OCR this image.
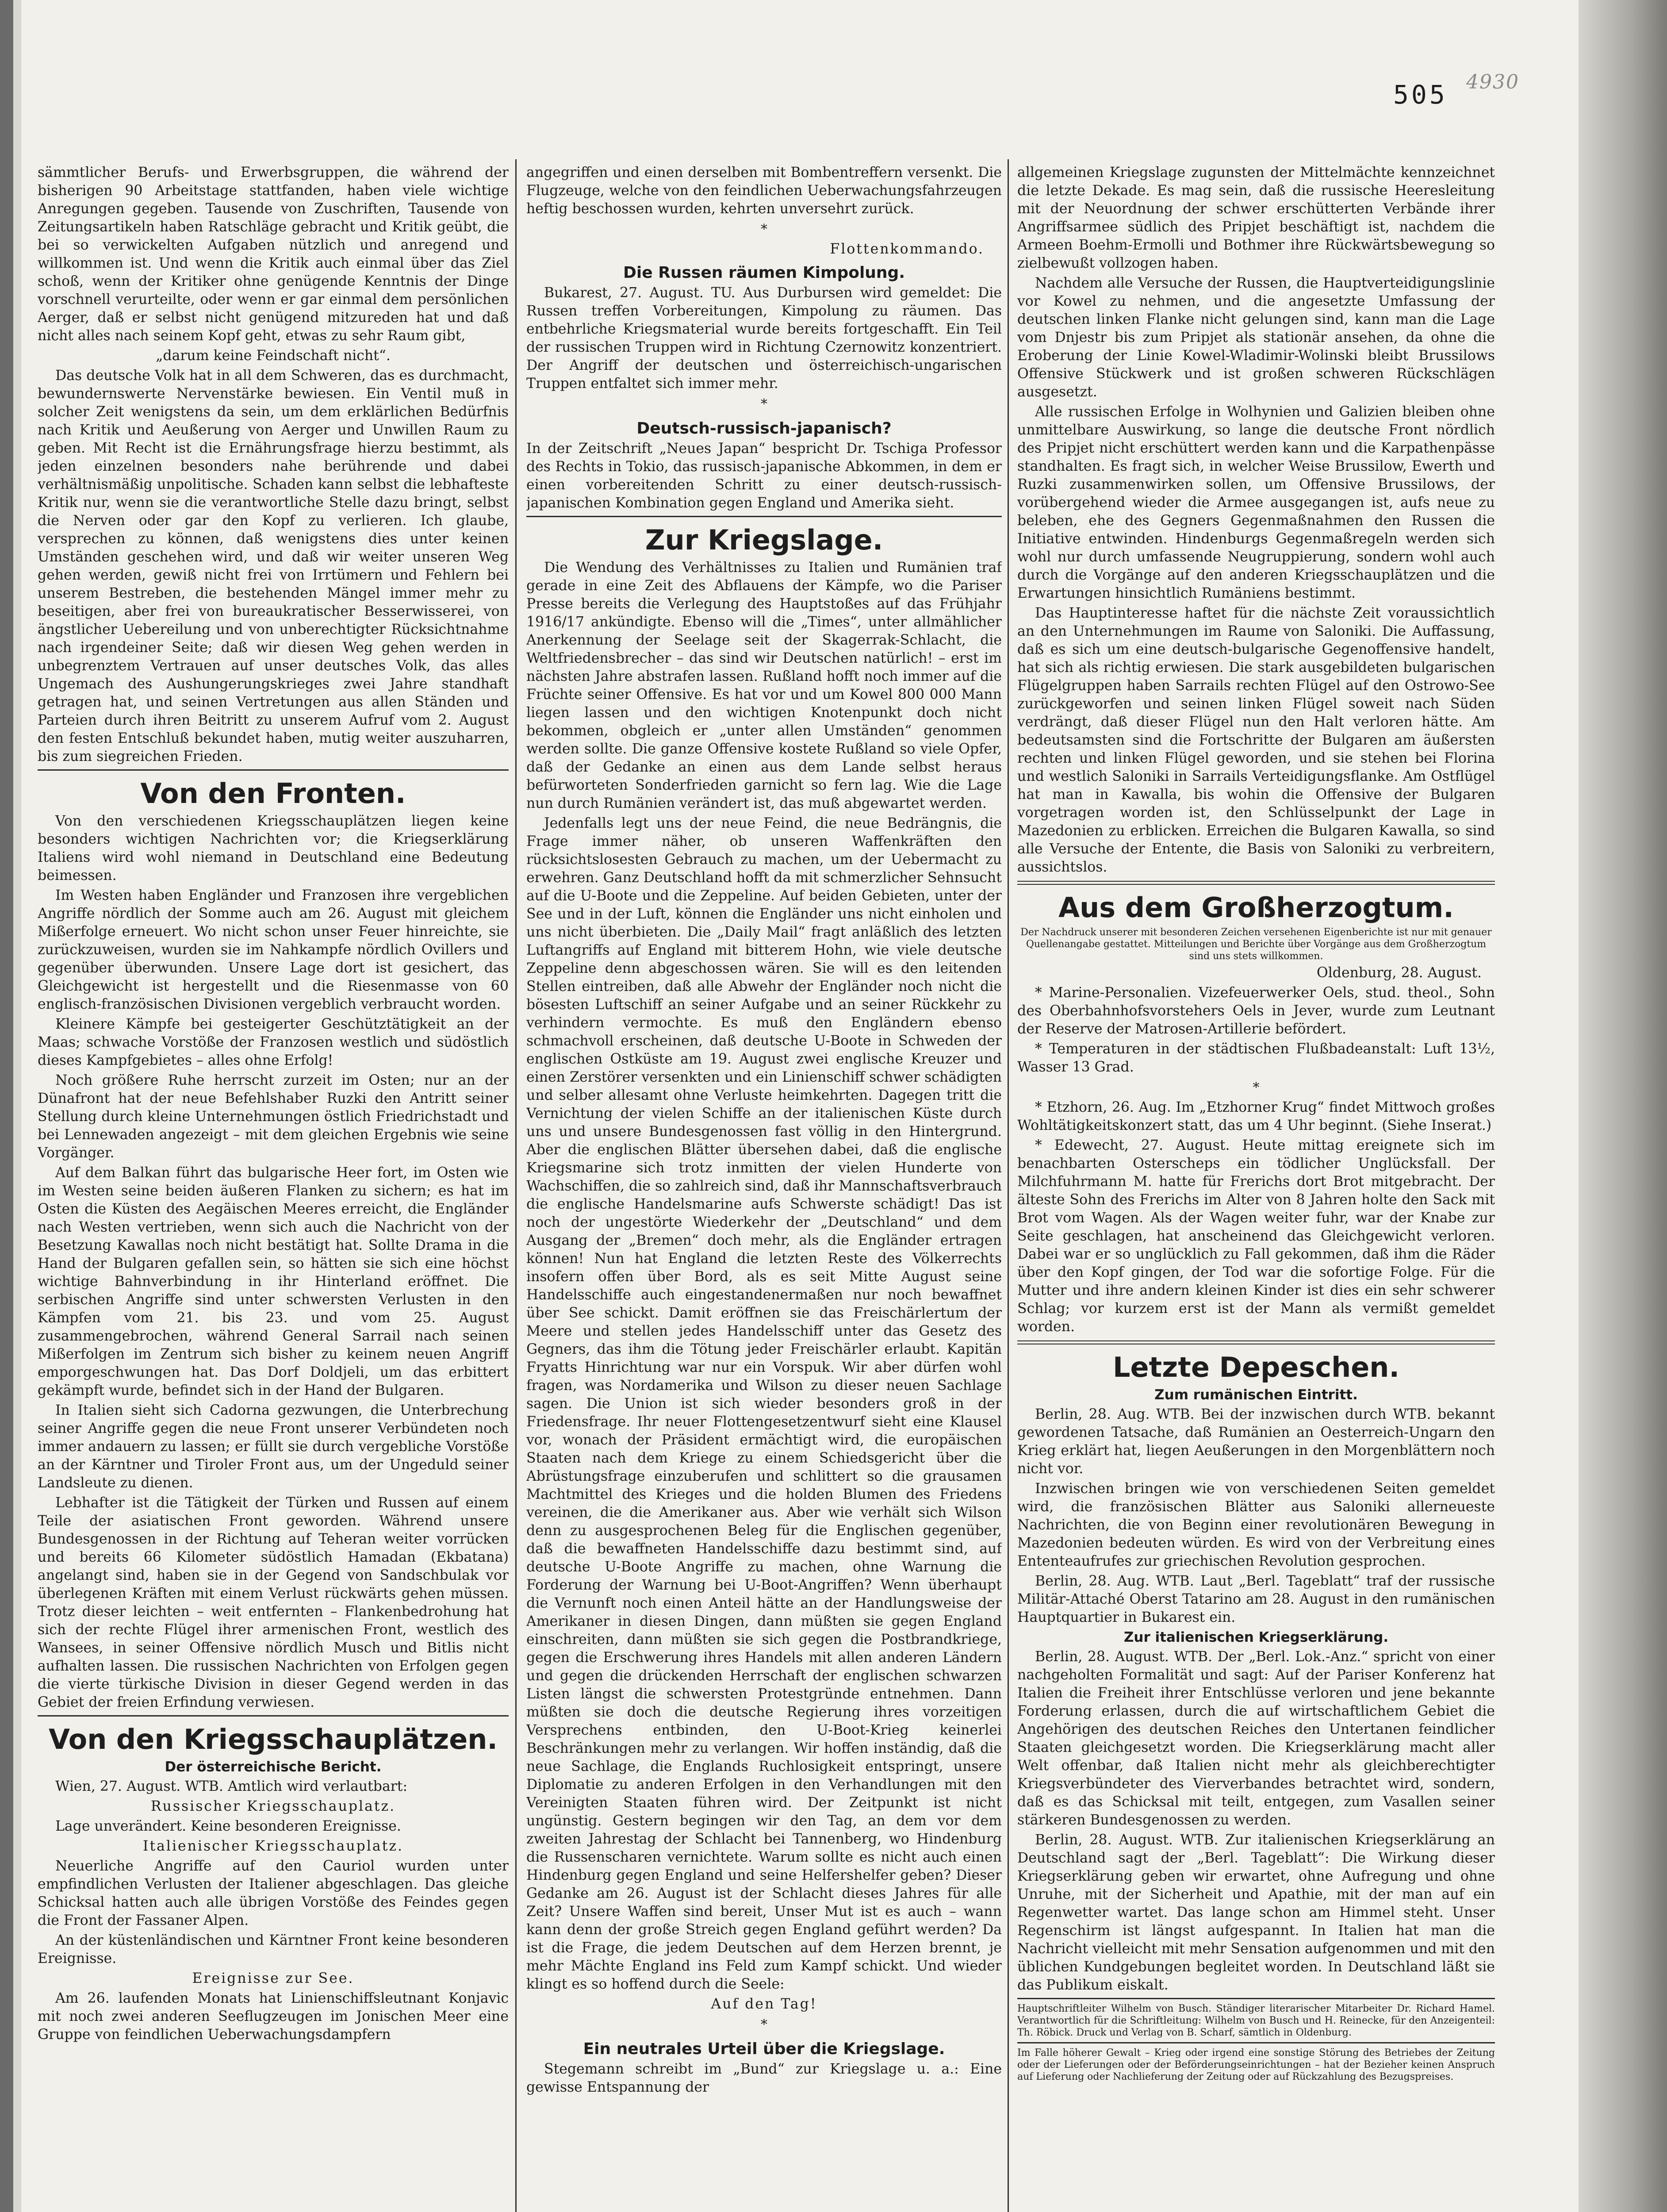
505 4930

sämmtlicher Berufs- und Erwerbsgruppen, die während der bisherigen 90 Arbeitstage stattfanden, haben viele wichtige Anregungen gegeben. Tausende von Zuschriften, Tausende von Zeitungsartikeln haben Ratschläge gebracht und Kritik geübt, die bei so verwickelten Aufgaben nützlich und anregend und willkommen ist. Und wenn die Kritik auch einmal über das Ziel schoß, wenn der Kritiker ohne genügende Kenntnis der Dinge vorschnell verurteilte, oder wenn er gar einmal dem persönlichen Aerger, daß er selbst nicht genügend mitzureden hat und daß nicht alles nach seinem Kopf geht, etwas zu sehr Raum gibt,

„darum keine Feindschaft nicht“.

Das deutsche Volk hat in all dem Schweren, das es durchmacht, bewundernswerte Nervenstärke bewiesen. Ein Ventil muß in solcher Zeit wenigstens da sein, um dem erklärlichen Bedürfnis nach Kritik und Aeußerung von Aerger und Unwillen Raum zu geben. Mit Recht ist die Ernährungsfrage hierzu bestimmt, als jeden einzelnen besonders nahe berührende und dabei verhältnismäßig unpolitische. Schaden kann selbst die lebhafteste Kritik nur, wenn sie die verantwortliche Stelle dazu bringt, selbst die Nerven oder gar den Kopf zu verlieren. Ich glaube, versprechen zu können, daß wenigstens dies unter keinen Umständen geschehen wird, und daß wir weiter unseren Weg gehen werden, gewiß nicht frei von Irrtümern und Fehlern bei unserem Bestreben, die bestehenden Mängel immer mehr zu beseitigen, aber frei von bureaukratischer Besserwisserei, von ängstlicher Uebereilung und von unberechtigter Rücksichtnahme nach irgendeiner Seite; daß wir diesen Weg gehen werden in unbegrenztem Vertrauen auf unser deutsches Volk, das alles Ungemach des Aushungerungskrieges zwei Jahre standhaft getragen hat, und seinen Vertretungen aus allen Ständen und Parteien durch ihren Beitritt zu unserem Aufruf vom 2. August den festen Entschluß bekundet haben, mutig weiter auszuharren, bis zum siegreichen Frieden.

Von den Fronten.

Von den verschiedenen Kriegsschauplätzen liegen keine besonders wichtigen Nachrichten vor; die Kriegserklärung Italiens wird wohl niemand in Deutschland eine Bedeutung beimessen.

Im Westen haben Engländer und Franzosen ihre vergeblichen Angriffe nördlich der Somme auch am 26. August mit gleichem Mißerfolge erneuert. Wo nicht schon unser Feuer hinreichte, sie zurückzuweisen, wurden sie im Nahkampfe nördlich Ovillers und gegenüber überwunden. Unsere Lage dort ist gesichert, das Gleichgewicht ist hergestellt und die Riesenmasse von 60 englisch-französischen Divisionen vergeblich verbraucht worden.

Kleinere Kämpfe bei gesteigerter Geschütztätigkeit an der Maas; schwache Vorstöße der Franzosen westlich und südöstlich dieses Kampfgebietes – alles ohne Erfolg!

Noch größere Ruhe herrscht zurzeit im Osten; nur an der Dünafront hat der neue Befehlshaber Ruzki den Antritt seiner Stellung durch kleine Unternehmungen östlich Friedrichstadt und bei Lennewaden angezeigt – mit dem gleichen Ergebnis wie seine Vorgänger.

Auf dem Balkan führt das bulgarische Heer fort, im Osten wie im Westen seine beiden äußeren Flanken zu sichern; es hat im Osten die Küsten des Aegäischen Meeres erreicht, die Engländer nach Westen vertrieben, wenn sich auch die Nachricht von der Besetzung Kawallas noch nicht bestätigt hat. Sollte Drama in die Hand der Bulgaren gefallen sein, so hätten sie sich eine höchst wichtige Bahnverbindung in ihr Hinterland eröffnet. Die serbischen Angriffe sind unter schwersten Verlusten in den Kämpfen vom 21. bis 23. und vom 25. August zusammengebrochen, während General Sarrail nach seinen Mißerfolgen im Zentrum sich bisher zu keinem neuen Angriff emporgeschwungen hat. Das Dorf Doldjeli, um das erbittert gekämpft wurde, befindet sich in der Hand der Bulgaren.

In Italien sieht sich Cadorna gezwungen, die Unterbrechung seiner Angriffe gegen die neue Front unserer Verbündeten noch immer andauern zu lassen; er füllt sie durch vergebliche Vorstöße an der Kärntner und Tiroler Front aus, um der Ungeduld seiner Landsleute zu dienen.

Lebhafter ist die Tätigkeit der Türken und Russen auf einem Teile der asiatischen Front geworden. Während unsere Bundesgenossen in der Richtung auf Teheran weiter vorrücken und bereits 66 Kilometer südöstlich Hamadan (Ekbatana) angelangt sind, haben sie in der Gegend von Sandschbulak vor überlegenen Kräften mit einem Verlust rückwärts gehen müssen. Trotz dieser leichten – weit entfernten – Flankenbedrohung hat sich der rechte Flügel ihrer armenischen Front, westlich des Wansees, in seiner Offensive nördlich Musch und Bitlis nicht aufhalten lassen. Die russischen Nachrichten von Erfolgen gegen die vierte türkische Division in dieser Gegend werden in das Gebiet der freien Erfindung verwiesen.

Von den Kriegsschauplätzen.
Der österreichische Bericht.

Wien, 27. August. WTB. Amtlich wird verlautbart:

Russischer Kriegsschauplatz.

Lage unverändert. Keine besonderen Ereignisse.

Italienischer Kriegsschauplatz.

Neuerliche Angriffe auf den Cauriol wurden unter empfindlichen Verlusten der Italiener abgeschlagen. Das gleiche Schicksal hatten auch alle übrigen Vorstöße des Feindes gegen die Front der Fassaner Alpen.

An der küstenländischen und Kärntner Front keine besonderen Ereignisse.

Ereignisse zur See.

Am 26. laufenden Monats hat Linienschiffsleutnant Konjavic mit noch zwei anderen Seeflugzeugen im Jonischen Meer eine Gruppe von feindlichen Ueberwachungsdampfern

angegriffen und einen derselben mit Bombentreffern versenkt. Die Flugzeuge, welche von den feindlichen Ueberwachungsfahrzeugen heftig beschossen wurden, kehrten unversehrt zurück.

*

Flottenkommando.

Die Russen räumen Kimpolung.

Bukarest, 27. August. TU. Aus Durbursen wird gemeldet: Die Russen treffen Vorbereitungen, Kimpolung zu räumen. Das entbehrliche Kriegsmaterial wurde bereits fortgeschafft. Ein Teil der russischen Truppen wird in Richtung Czernowitz konzentriert. Der Angriff der deutschen und österreichisch-ungarischen Truppen entfaltet sich immer mehr.

*
Deutsch-russisch-japanisch?

In der Zeitschrift „Neues Japan“ bespricht Dr. Tschiga Professor des Rechts in Tokio, das russisch-japanische Abkommen, in dem er einen vorbereitenden Schritt zu einer deutsch-russisch-japanischen Kombination gegen England und Amerika sieht.

Zur Kriegslage.

Die Wendung des Verhältnisses zu Italien und Rumänien traf gerade in eine Zeit des Abflauens der Kämpfe, wo die Pariser Presse bereits die Verlegung des Hauptstoßes auf das Frühjahr 1916/17 ankündigte. Ebenso will die „Times“, unter allmählicher Anerkennung der Seelage seit der Skagerrak-Schlacht, die Weltfriedensbrecher – das sind wir Deutschen natürlich! – erst im nächsten Jahre abstrafen lassen. Rußland hofft noch immer auf die Früchte seiner Offensive. Es hat vor und um Kowel 800 000 Mann liegen lassen und den wichtigen Knotenpunkt doch nicht bekommen, obgleich er „unter allen Umständen“ genommen werden sollte. Die ganze Offensive kostete Rußland so viele Opfer, daß der Gedanke an einen aus dem Lande selbst heraus befürworteten Sonderfrieden garnicht so fern lag. Wie die Lage nun durch Rumänien verändert ist, das muß abgewartet werden.

Jedenfalls legt uns der neue Feind, die neue Bedrängnis, die Frage immer näher, ob unseren Waffenkräften den rücksichtslosesten Gebrauch zu machen, um der Uebermacht zu erwehren. Ganz Deutschland hofft da mit schmerzlicher Sehnsucht auf die U-Boote und die Zeppeline. Auf beiden Gebieten, unter der See und in der Luft, können die Engländer uns nicht einholen und uns nicht überbieten. Die „Daily Mail“ fragt anläßlich des letzten Luftangriffs auf England mit bitterem Hohn, wie viele deutsche Zeppeline denn abgeschossen wären. Sie will es den leitenden Stellen eintreiben, daß alle Abwehr der Engländer noch nicht die bösesten Luftschiff an seiner Aufgabe und an seiner Rückkehr zu verhindern vermochte. Es muß den Engländern ebenso schmachvoll erscheinen, daß deutsche U-Boote in Schweden der englischen Ostküste am 19. August zwei englische Kreuzer und einen Zerstörer versenkten und ein Linienschiff schwer schädigten und selber allesamt ohne Verluste heimkehrten. Dagegen tritt die Vernichtung der vielen Schiffe an der italienischen Küste durch uns und unsere Bundesgenossen fast völlig in den Hintergrund. Aber die englischen Blätter übersehen dabei, daß die englische Kriegsmarine sich trotz inmitten der vielen Hunderte von Wachschiffen, die so zahlreich sind, daß ihr Mannschaftsverbrauch die englische Handelsmarine aufs Schwerste schädigt! Das ist noch der ungestörte Wiederkehr der „Deutschland“ und dem Ausgang der „Bremen“ doch mehr, als die Engländer ertragen können! Nun hat England die letzten Reste des Völkerrechts insofern offen über Bord, als es seit Mitte August seine Handelsschiffe auch eingestandenermaßen nur noch bewaffnet über See schickt. Damit eröffnen sie das Freischärlertum der Meere und stellen jedes Handelsschiff unter das Gesetz des Gegners, das ihm die Tötung jeder Freischärler erlaubt. Kapitän Fryatts Hinrichtung war nur ein Vorspuk. Wir aber dürfen wohl fragen, was Nordamerika und Wilson zu dieser neuen Sachlage sagen. Die Union ist sich wieder besonders groß in der Friedensfrage. Ihr neuer Flottengesetzentwurf sieht eine Klausel vor, wonach der Präsident ermächtigt wird, die europäischen Staaten nach dem Kriege zu einem Schiedsgericht über die Abrüstungsfrage einzuberufen und schlittert so die grausamen Machtmittel des Krieges und die holden Blumen des Friedens vereinen, die die Amerikaner aus. Aber wie verhält sich Wilson denn zu ausgesprochenen Beleg für die Englischen gegenüber, daß die bewaffneten Handelsschiffe dazu bestimmt sind, auf deutsche U-Boote Angriffe zu machen, ohne Warnung die Forderung der Warnung bei U-Boot-Angriffen? Wenn überhaupt die Vernunft noch einen Anteil hätte an der Handlungsweise der Amerikaner in diesen Dingen, dann müßten sie gegen England einschreiten, dann müßten sie sich gegen die Postbrandkriege, gegen die Erschwerung ihres Handels mit allen anderen Ländern und gegen die drückenden Herrschaft der englischen schwarzen Listen längst die schwersten Protestgründe entnehmen. Dann müßten sie doch die deutsche Regierung ihres vorzeitigen Versprechens entbinden, den U-Boot-Krieg keinerlei Beschränkungen mehr zu verlangen. Wir hoffen inständig, daß die neue Sachlage, die Englands Ruchlosigkeit entspringt, unsere Diplomatie zu anderen Erfolgen in den Verhandlungen mit den Vereinigten Staaten führen wird. Der Zeitpunkt ist nicht ungünstig. Gestern begingen wir den Tag, an dem vor dem zweiten Jahrestag der Schlacht bei Tannenberg, wo Hindenburg die Russenscharen vernichtete. Warum sollte es nicht auch einen Hindenburg gegen England und seine Helfershelfer geben? Dieser Gedanke am 26. August ist der Schlacht dieses Jahres für alle Zeit? Unsere Waffen sind bereit, Unser Mut ist es auch – wann kann denn der große Streich gegen England geführt werden? Da ist die Frage, die jedem Deutschen auf dem Herzen brennt, je mehr Mächte England ins Feld zum Kampf schickt. Und wieder klingt es so hoffend durch die Seele:

Auf den Tag!

*
Ein neutrales Urteil über die Kriegslage.

Stegemann schreibt im „Bund“ zur Kriegslage u. a.: Eine gewisse Entspannung der

allgemeinen Kriegslage zugunsten der Mittelmächte kennzeichnet die letzte Dekade. Es mag sein, daß die russische Heeresleitung mit der Neuordnung der schwer erschütterten Verbände ihrer Angriffsarmee südlich des Pripjet beschäftigt ist, nachdem die Armeen Boehm-Ermolli und Bothmer ihre Rückwärtsbewegung so zielbewußt vollzogen haben.

Nachdem alle Versuche der Russen, die Hauptverteidigungslinie vor Kowel zu nehmen, und die angesetzte Umfassung der deutschen linken Flanke nicht gelungen sind, kann man die Lage vom Dnjestr bis zum Pripjet als stationär ansehen, da ohne die Eroberung der Linie Kowel-Wladimir-Wolinski bleibt Brussilows Offensive Stückwerk und ist großen schweren Rückschlägen ausgesetzt.

Alle russischen Erfolge in Wolhynien und Galizien bleiben ohne unmittelbare Auswirkung, so lange die deutsche Front nördlich des Pripjet nicht erschüttert werden kann und die Karpathenpässe standhalten. Es fragt sich, in welcher Weise Brussilow, Ewerth und Ruzki zusammenwirken sollen, um Offensive Brussilows, der vorübergehend wieder die Armee ausgegangen ist, aufs neue zu beleben, ehe des Gegners Gegenmaßnahmen den Russen die Initiative entwinden. Hindenburgs Gegenmaßregeln werden sich wohl nur durch umfassende Neugruppierung, sondern wohl auch durch die Vorgänge auf den anderen Kriegsschauplätzen und die Erwartungen hinsichtlich Rumäniens bestimmt.

Das Hauptinteresse haftet für die nächste Zeit voraussichtlich an den Unternehmungen im Raume von Saloniki. Die Auffassung, daß es sich um eine deutsch-bulgarische Gegenoffensive handelt, hat sich als richtig erwiesen. Die stark ausgebildeten bulgarischen Flügelgruppen haben Sarrails rechten Flügel auf den Ostrowo-See zurückgeworfen und seinen linken Flügel soweit nach Süden verdrängt, daß dieser Flügel nun den Halt verloren hätte. Am bedeutsamsten sind die Fortschritte der Bulgaren am äußersten rechten und linken Flügel geworden, und sie stehen bei Florina und westlich Saloniki in Sarrails Verteidigungsflanke. Am Ostflügel hat man in Kawalla, bis wohin die Offensive der Bulgaren vorgetragen worden ist, den Schlüsselpunkt der Lage in Mazedonien zu erblicken. Erreichen die Bulgaren Kawalla, so sind alle Versuche der Entente, die Basis von Saloniki zu verbreitern, aussichtslos.

Aus dem Großherzogtum.

Der Nachdruck unserer mit besonderen Zeichen versehenen Eigenberichte ist nur mit genauer Quellenangabe gestattet. Mitteilungen und Berichte über Vorgänge aus dem Großherzogtum sind uns stets willkommen.

Oldenburg, 28. August.

* Marine-Personalien. Vizefeuerwerker Oels, stud. theol., Sohn des Oberbahnhofsvorstehers Oels in Jever, wurde zum Leutnant der Reserve der Matrosen-Artillerie befördert.

* Temperaturen in der städtischen Flußbadeanstalt: Luft 13½, Wasser 13 Grad.

*

* Etzhorn, 26. Aug. Im „Etzhorner Krug“ findet Mittwoch großes Wohltätigkeitskonzert statt, das um 4 Uhr beginnt. (Siehe Inserat.)

* Edewecht, 27. August. Heute mittag ereignete sich im benachbarten Osterscheps ein tödlicher Unglücksfall. Der Milchfuhrmann M. hatte für Frerichs dort Brot mitgebracht. Der älteste Sohn des Frerichs im Alter von 8 Jahren holte den Sack mit Brot vom Wagen. Als der Wagen weiter fuhr, war der Knabe zur Seite geschlagen, hat anscheinend das Gleichgewicht verloren. Dabei war er so unglücklich zu Fall gekommen, daß ihm die Räder über den Kopf gingen, der Tod war die sofortige Folge. Für die Mutter und ihre andern kleinen Kinder ist dies ein sehr schwerer Schlag; vor kurzem erst ist der Mann als vermißt gemeldet worden.

Letzte Depeschen.
Zum rumänischen Eintritt.

Berlin, 28. Aug. WTB. Bei der inzwischen durch WTB. bekannt gewordenen Tatsache, daß Rumänien an Oesterreich-Ungarn den Krieg erklärt hat, liegen Aeußerungen in den Morgenblättern noch nicht vor.

Inzwischen bringen wie von verschiedenen Seiten gemeldet wird, die französischen Blätter aus Saloniki allerneueste Nachrichten, die von Beginn einer revolutionären Bewegung in Mazedonien bedeuten würden. Es wird von der Verbreitung eines Ententeaufrufes zur griechischen Revolution gesprochen.

Berlin, 28. Aug. WTB. Laut „Berl. Tageblatt“ traf der russische Militär-Attaché Oberst Tatarino am 28. August in den rumänischen Hauptquartier in Bukarest ein.

Zur italienischen Kriegserklärung.

Berlin, 28. August. WTB. Der „Berl. Lok.-Anz.“ spricht von einer nachgeholten Formalität und sagt: Auf der Pariser Konferenz hat Italien die Freiheit ihrer Entschlüsse verloren und jene bekannte Forderung erlassen, durch die auf wirtschaftlichem Gebiet die Angehörigen des deutschen Reiches den Untertanen feindlicher Staaten gleichgesetzt worden. Die Kriegserklärung macht aller Welt offenbar, daß Italien nicht mehr als gleichberechtigter Kriegsverbündeter des Vierverbandes betrachtet wird, sondern, daß es das Schicksal mit teilt, entgegen, zum Vasallen seiner stärkeren Bundesgenossen zu werden.

Berlin, 28. August. WTB. Zur italienischen Kriegserklärung an Deutschland sagt der „Berl. Tageblatt“: Die Wirkung dieser Kriegserklärung geben wir erwartet, ohne Aufregung und ohne Unruhe, mit der Sicherheit und Apathie, mit der man auf ein Regenwetter wartet. Das lange schon am Himmel steht. Unser Regenschirm ist längst aufgespannt. In Italien hat man die Nachricht vielleicht mit mehr Sensation aufgenommen und mit den üblichen Kundgebungen begleitet worden. In Deutschland läßt sie das Publikum eiskalt.

Hauptschriftleiter Wilhelm von Busch. Ständiger literarischer Mitarbeiter Dr. Richard Hamel. Verantwortlich für die Schriftleitung: Wilhelm von Busch und H. Reinecke, für den Anzeigenteil: Th. Röbick. Druck und Verlag von B. Scharf, sämtlich in Oldenburg.

Im Falle höherer Gewalt – Krieg oder irgend eine sonstige Störung des Betriebes der Zeitung oder der Lieferungen oder der Beförderungseinrichtungen – hat der Bezieher keinen Anspruch auf Lieferung oder Nachlieferung der Zeitung oder auf Rückzahlung des Bezugspreises.
